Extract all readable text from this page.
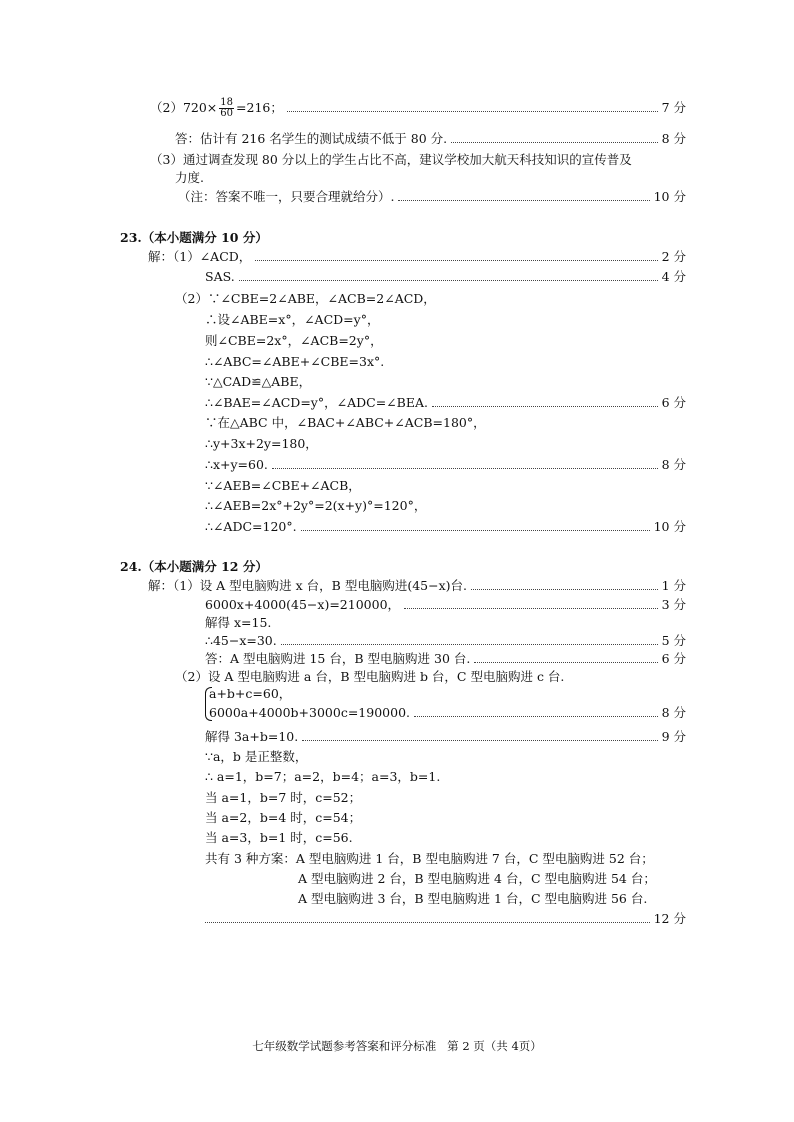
$(2)720\times \frac{18}{60} =216$；	7 分
答：估计有 216 名学生的测试成绩不低于 80 分.	8 分
（3）通过调查发现 80 分以上的学生占比不高，建议学校加大航天科技知识的宣传普及
力度.
（注：答案不唯一，只要合理就给分）.	10 分
23.（本小题满分 10 分）
解：（1）∠ACD，	2 分
SAS.	4 分
（2）∵∠CBE=2∠ABE，∠ACB=2∠ACD，
∴设∠ABE=x°，∠ACD=y°，
则∠CBE=2x°，∠ACB=2y°，
∴∠ABC=∠ABE+∠CBE=3x°.
∵△CAD≌△ABE，
∴∠BAE=∠ACD=y°，∠ADC=∠BEA.	6 分
∵在△ABC 中，∠BAC+∠ABC+∠ACB=180°，
∴y+3x+2y=180，
∴x+y=60.	8 分
∵∠AEB=∠CBE+∠ACB，
∴∠AEB=2x°+2y°=2(x+y)°=120°，
∴∠ADC=120°.	10 分
24.（本小题满分 12 分）
解：（1）设 A 型电脑购进 x 台，B 型电脑购进(45−x)台.	1 分
6000x+4000(45−x)=210000，	3 分
解得 x=15.
∴45−x=30.	5 分
答：A 型电脑购进 15 台，B 型电脑购进 30 台.	6 分
（2）设 A 型电脑购进 a 台，B 型电脑购进 b 台，C 型电脑购进 c 台.
a+b+c=60，
6000a+4000b+3000c=190000.	8 分
解得 3a+b=10.	9 分
∵a，b 是正整数，
∴ a=1，b=7；a=2，b=4；a=3，b=1.
当 a=1，b=7 时，c=52；
当 a=2，b=4 时，c=54；
当 a=3，b=1 时，c=56.
共有 3 种方案：A 型电脑购进 1 台，B 型电脑购进 7 台，C 型电脑购进 52 台；
A 型电脑购进 2 台，B 型电脑购进 4 台，C 型电脑购进 54 台；
A 型电脑购进 3 台，B 型电脑购进 1 台，C 型电脑购进 56 台.
12 分
七年级数学试题参考答案和评分标准   第 2 页（共 4页）
